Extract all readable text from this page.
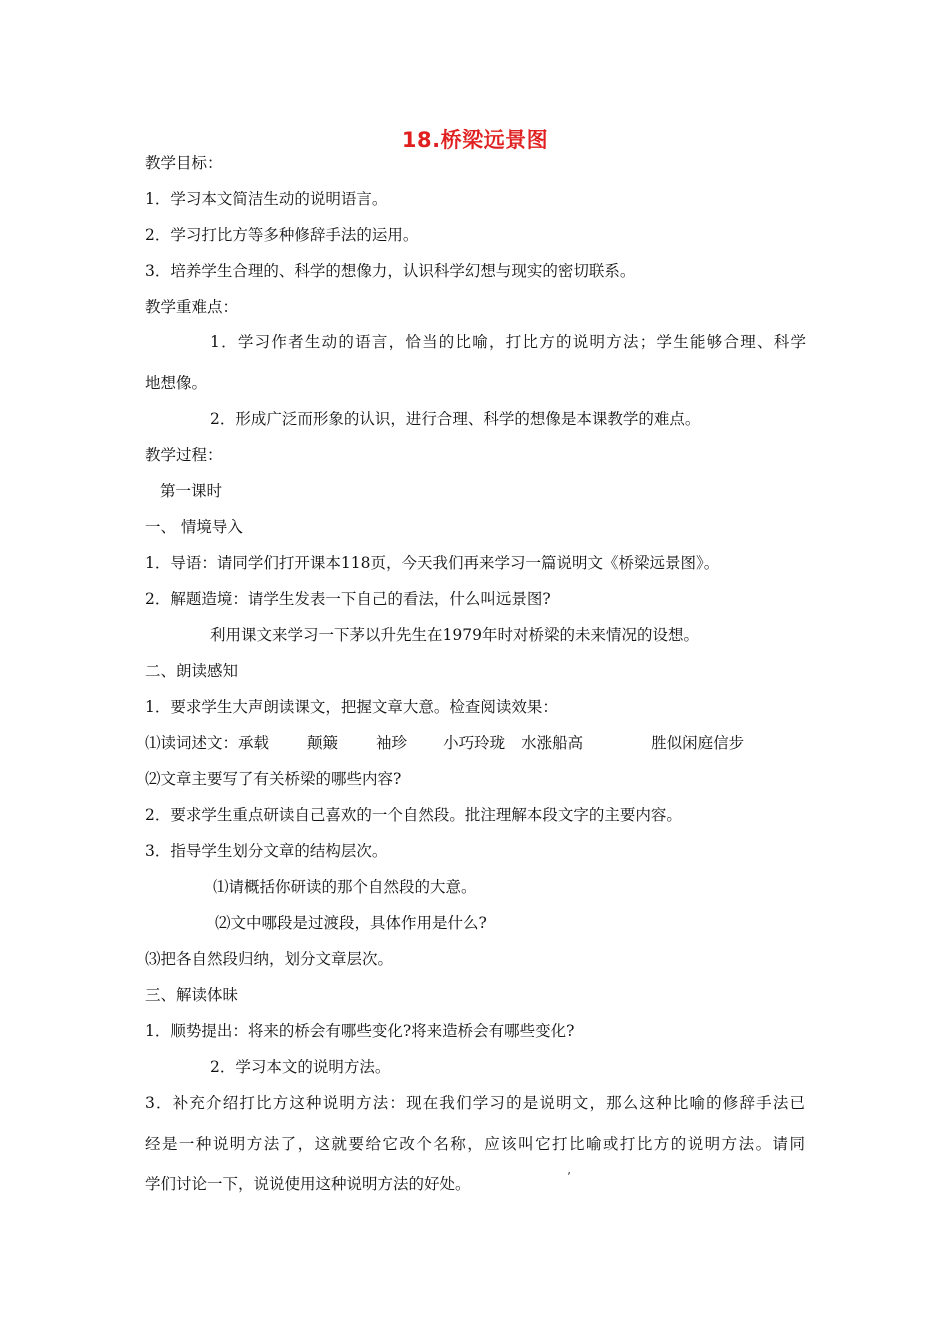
18.桥梁远景图
教学目标：
1．学习本文简洁生动的说明语言。
2．学习打比方等多种修辞手法的运用。
3．培养学生合理的、科学的想像力，认识科学幻想与现实的密切联系。
教学重难点：
1．学习作者生动的语言，恰当的比喻，打比方的说明方法；学生能够合理、科学
地想像。
2．形成广泛而形象的认识，进行合理、科学的想像是本课教学的难点。
教学过程：
第一课时
一、 情境导入
1．导语：请同学们打开课本118页，今天我们再来学习一篇说明文《桥梁远景图》。
2．解题造境：请学生发表一下自己的看法，什么叫远景图?
利用课文来学习一下茅以升先生在1979年时对桥梁的未来情况的设想。
二、朗读感知
1．要求学生大声朗读课文，把握文章大意。检查阅读效果：
⑴读词述文：承载 颠簸 袖珍 小巧玲珑 水涨船高	胜似闲庭信步
⑵文章主要写了有关桥梁的哪些内容?
2．要求学生重点研读自己喜欢的一个自然段。批注理解本段文字的主要内容。
3．指导学生划分文章的结构层次。
⑴请概括你研读的那个自然段的大意。
⑵文中哪段是过渡段，具体作用是什么?
⑶把各自然段归纳，划分文章层次。
三、解读体昧
1．顺势提出：将来的桥会有哪些变化?将来造桥会有哪些变化?
2．学习本文的说明方法。
3．补充介绍打比方这种说明方法：现在我们学习的是说明文，那么这种比喻的修辞手法已
经是一种说明方法了，这就要给它改个名称，应该叫它打比喻或打比方的说明方法。请同
学们讨论一下，说说使用这种说明方法的好处。	’
